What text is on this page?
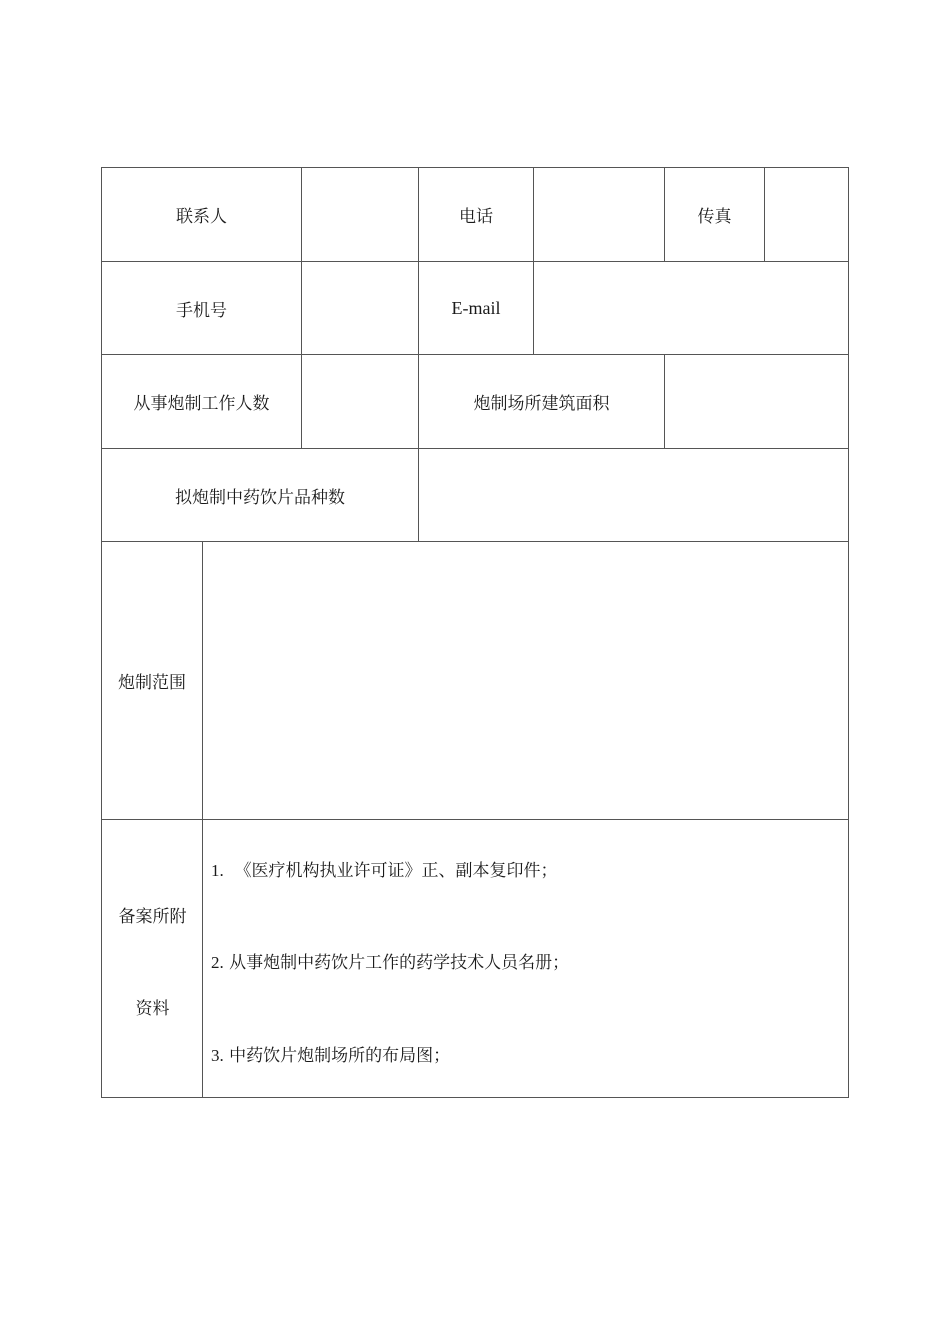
联系人	电话	传真
手机号	E-mail
从事炮制工作人数	炮制场所建筑面积
拟炮制中药饮片品种数
炮制范围
备案所附
资料
1. 《医疗机构执业许可证》正、副本复印件；
2. 从事炮制中药饮片工作的药学技术人员名册；
3. 中药饮片炮制场所的布局图；
